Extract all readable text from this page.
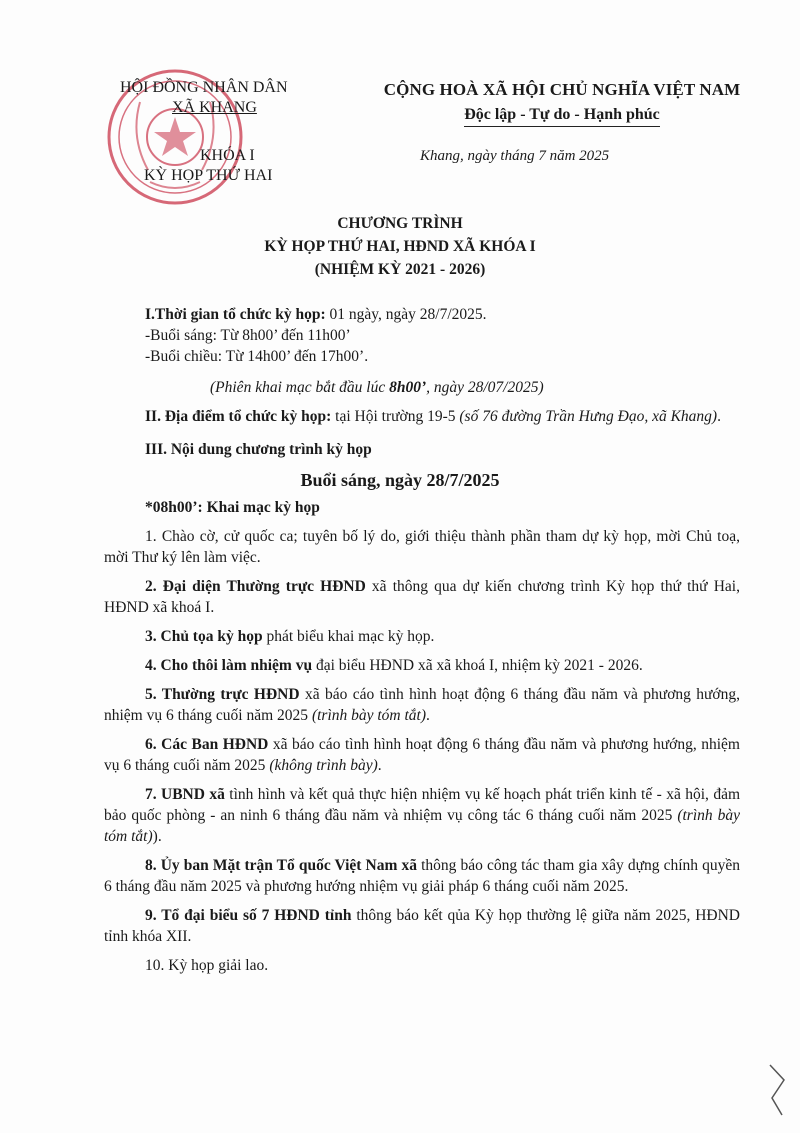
HỘI ĐỒNG NHÂN DÂN
XÃ KHANG
KHÓA I
KỲ HỌP THỨ HAI
CỘNG HOÀ XÃ HỘI CHỦ NGHĨA VIỆT NAM
Độc lập - Tự do - Hạnh phúc
Khang, ngày tháng 7 năm 2025
CHƯƠNG TRÌNH
KỲ HỌP THỨ HAI, HĐND XÃ KHÓA I
(NHIỆM KỲ 2021 - 2026)

I.Thời gian tổ chức kỳ họp: 01 ngày, ngày 28/7/2025.

-Buổi sáng: Từ 8h00’ đến 11h00’

-Buổi chiều: Từ 14h00’ đến 17h00’.

(Phiên khai mạc bắt đầu lúc 8h00’, ngày 28/07/2025)

II. Địa điểm tổ chức kỳ họp: tại Hội trường 19-5 (số 76 đường Trần Hưng Đạo, xã Khang).

III. Nội dung chương trình kỳ họp

Buổi sáng, ngày 28/7/2025

*08h00’: Khai mạc kỳ họp

1. Chào cờ, cử quốc ca; tuyên bố lý do, giới thiệu thành phần tham dự kỳ họp, mời Chủ toạ, mời Thư ký lên làm việc.

2. Đại diện Thường trực HĐND xã thông qua dự kiến chương trình Kỳ họp thứ thứ Hai, HĐND xã khoá I.

3. Chủ tọa kỳ họp phát biểu khai mạc kỳ họp.

4. Cho thôi làm nhiệm vụ đại biểu HĐND xã xã khoá I, nhiệm kỳ 2021 - 2026.

5. Thường trực HĐND xã báo cáo tình hình hoạt động 6 tháng đầu năm và phương hướng, nhiệm vụ 6 tháng cuối năm 2025 (trình bày tóm tắt).

6. Các Ban HĐND xã báo cáo tình hình hoạt động 6 tháng đầu năm và phương hướng, nhiệm vụ 6 tháng cuối năm 2025 (không trình bày).

7. UBND xã tình hình và kết quả thực hiện nhiệm vụ kế hoạch phát triển kinh tế - xã hội, đảm bảo quốc phòng - an ninh 6 tháng đầu năm và nhiệm vụ công tác 6 tháng cuối năm 2025 (trình bày tóm tắt)).

8. Ủy ban Mặt trận Tổ quốc Việt Nam xã thông báo công tác tham gia xây dựng chính quyền 6 tháng đầu năm 2025 và phương hướng nhiệm vụ giải pháp 6 tháng cuối năm 2025.

9. Tổ đại biểu số 7 HĐND tỉnh thông báo kết qủa Kỳ họp thường lệ giữa năm 2025, HĐND tỉnh khóa XII.

10. Kỳ họp giải lao.
